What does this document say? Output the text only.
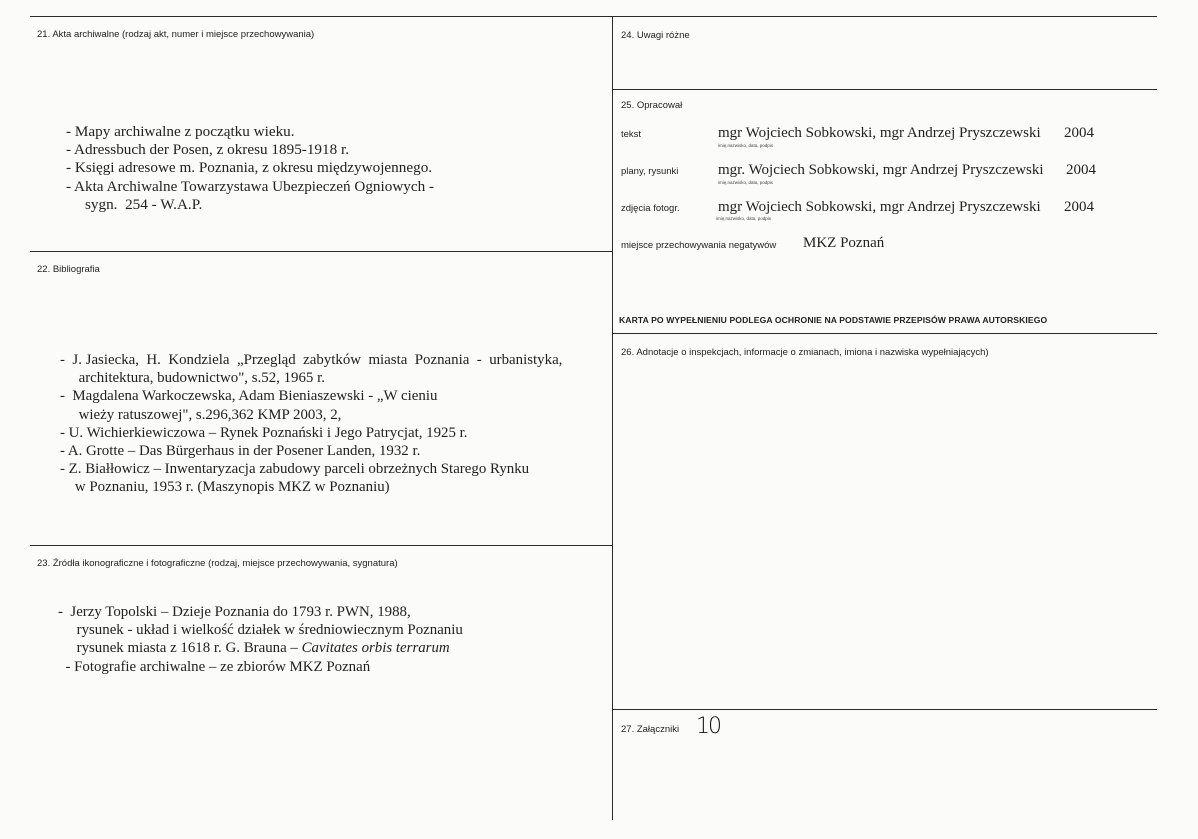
21. Akta archiwalne (rodzaj akt, numer i miejsce przechowywania)
- Mapy archiwalne z początku wieku.
- Adressbuch der Posen, z okresu 1895-1918 r.
- Księgi adresowe m. Poznania, z okresu międzywojennego.
- Akta Archiwalne Towarzystawa Ubezpieczeń Ogniowych -
sygn.  254 - W.A.P.
22. Bibliografia
-  J. Jasiecka,  H.  Kondziela  „Przegląd  zabytków  miasta  Poznania  -  urbanistyka,
architektura, budownictwo", s.52, 1965 r.
-  Magdalena Warkoczewska, Adam Bieniaszewski - „W cieniu
wieży ratuszowej", s.296,362 KMP 2003, 2,
- U. Wichierkiewiczowa – Rynek Poznański i Jego Patrycjat, 1925 r.
- A. Grotte – Das Bürgerhaus in der Posener Landen, 1932 r.
- Z. Białłowicz – Inwentaryzacja zabudowy parceli obrzeżnych Starego Rynku
w Poznaniu, 1953 r. (Maszynopis MKZ w Poznaniu)
23. Źródła ikonograficzne i fotograficzne (rodzaj, miejsce przechowywania, sygnatura)
-  Jerzy Topolski – Dzieje Poznania do 1793 r. PWN, 1988,
rysunek - układ i wielkość działek w średniowiecznym Poznaniu
rysunek miasta z 1618 r. G. Brauna – Cavitates orbis terrarum
- Fotografie archiwalne – ze zbiorów MKZ Poznań
24. Uwagi różne
25. Opracował
tekst	mgr Wojciech Sobkowski, mgr Andrzej Pryszczewski 2004
imię,nazwisko, data, podpis
plany, rysunki	mgr. Wojciech Sobkowski, mgr Andrzej Pryszczewski 2004
imię,nazwisko, data, podpis
zdjęcia fotogr.	mgr Wojciech Sobkowski, mgr Andrzej Pryszczewski 2004
imię,nazwisko, data, podpis
miejsce przechowywania negatywów MKZ Poznań
KARTA PO WYPEŁNIENIU PODLEGA OCHRONIE NA PODSTAWIE PRZEPISÓW PRAWA AUTORSKIEGO
26. Adnotacje o inspekcjach, informacje o zmianach, imiona i nazwiska wypełniających)
27. Załączniki 10
